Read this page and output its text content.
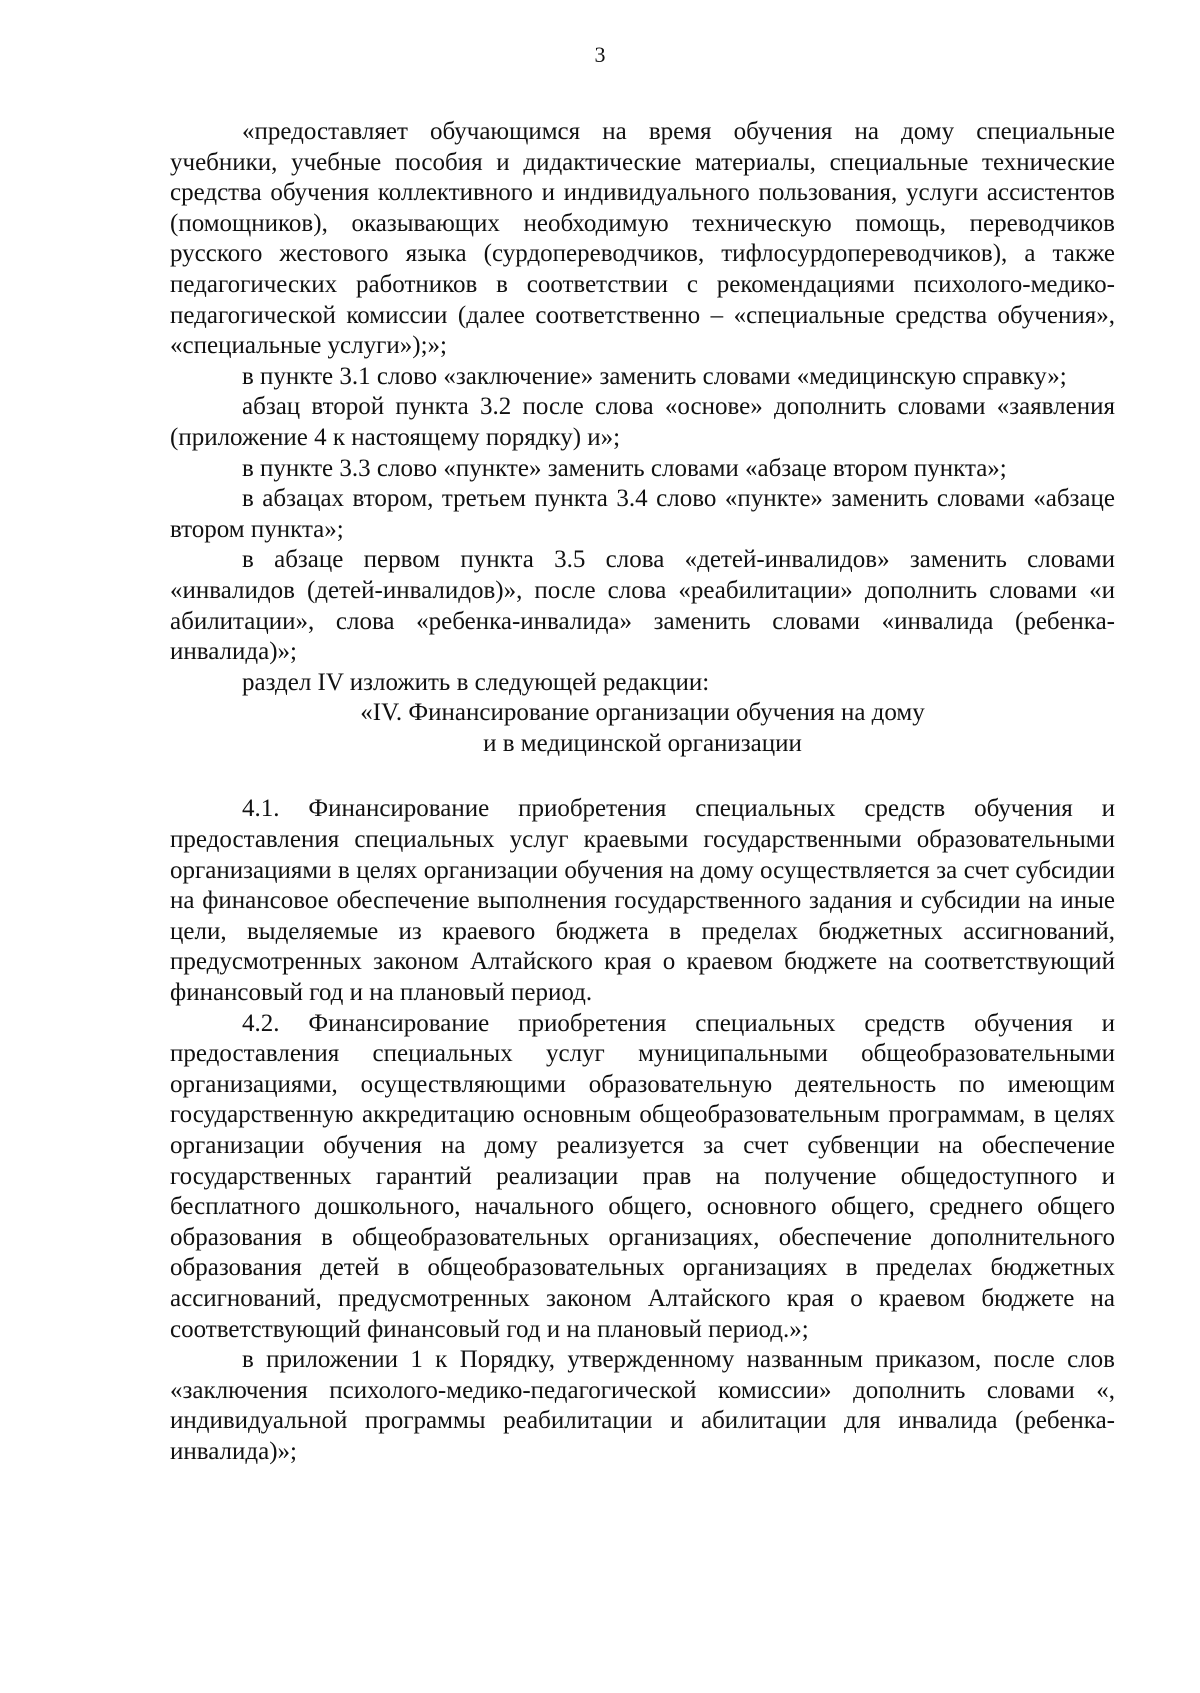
3

«предоставляет обучающимся на время обучения на дому специальные учебники, учебные пособия и дидактические материалы, специальные технические средства обучения коллективного и индивидуального пользования, услуги ассистентов (помощников), оказывающих необходимую техническую помощь, переводчиков русского жестового языка (сурдопереводчиков, тифлосурдопереводчиков), а также педагогических работников в соответствии с рекомендациями психолого-медико-педагогической комиссии (далее соответственно – «специальные средства обучения», «специальные услуги»);»;

в пункте 3.1 слово «заключение» заменить словами «медицинскую справку»;

абзац второй пункта 3.2 после слова «основе» дополнить словами «заявления (приложение 4 к настоящему порядку) и»;

в пункте 3.3 слово «пункте» заменить словами «абзаце втором пункта»;

в абзацах втором, третьем пункта 3.4 слово «пункте» заменить словами «абзаце втором пункта»;

в абзаце первом пункта 3.5 слова «детей-инвалидов» заменить словами «инвалидов (детей-инвалидов)», после слова «реабилитации» дополнить словами «и абилитации», слова «ребенка-инвалида» заменить словами «инвалида (ребенка-инвалида)»;

раздел IV изложить в следующей редакции:

«IV. Финансирование организации обучения на дому
и в медицинской организации

4.1. Финансирование приобретения специальных средств обучения и предоставления специальных услуг краевыми государственными образовательными организациями в целях организации обучения на дому осуществляется за счет субсидии на финансовое обеспечение выполнения государственного задания и субсидии на иные цели, выделяемые из краевого бюджета в пределах бюджетных ассигнований, предусмотренных законом Алтайского края о краевом бюджете на соответствующий финансовый год и на плановый период.

4.2. Финансирование приобретения специальных средств обучения и предоставления специальных услуг муниципальными общеобразовательными организациями, осуществляющими образовательную деятельность по имеющим государственную аккредитацию основным общеобразовательным программам, в целях организации обучения на дому реализуется за счет субвенции на обеспечение государственных гарантий реализации прав на получение общедоступного и бесплатного дошкольного, начального общего, основного общего, среднего общего образования в общеобразовательных организациях, обеспечение дополнительного образования детей в общеобразовательных организациях в пределах бюджетных ассигнований, предусмотренных законом Алтайского края о краевом бюджете на соответствующий финансовый год и на плановый период.»;

в приложении 1 к Порядку, утвержденному названным приказом, после слов «заключения психолого-медико-педагогической комиссии» дополнить словами «, индивидуальной программы реабилитации и абилитации для инвалида (ребенка-инвалида)»;
